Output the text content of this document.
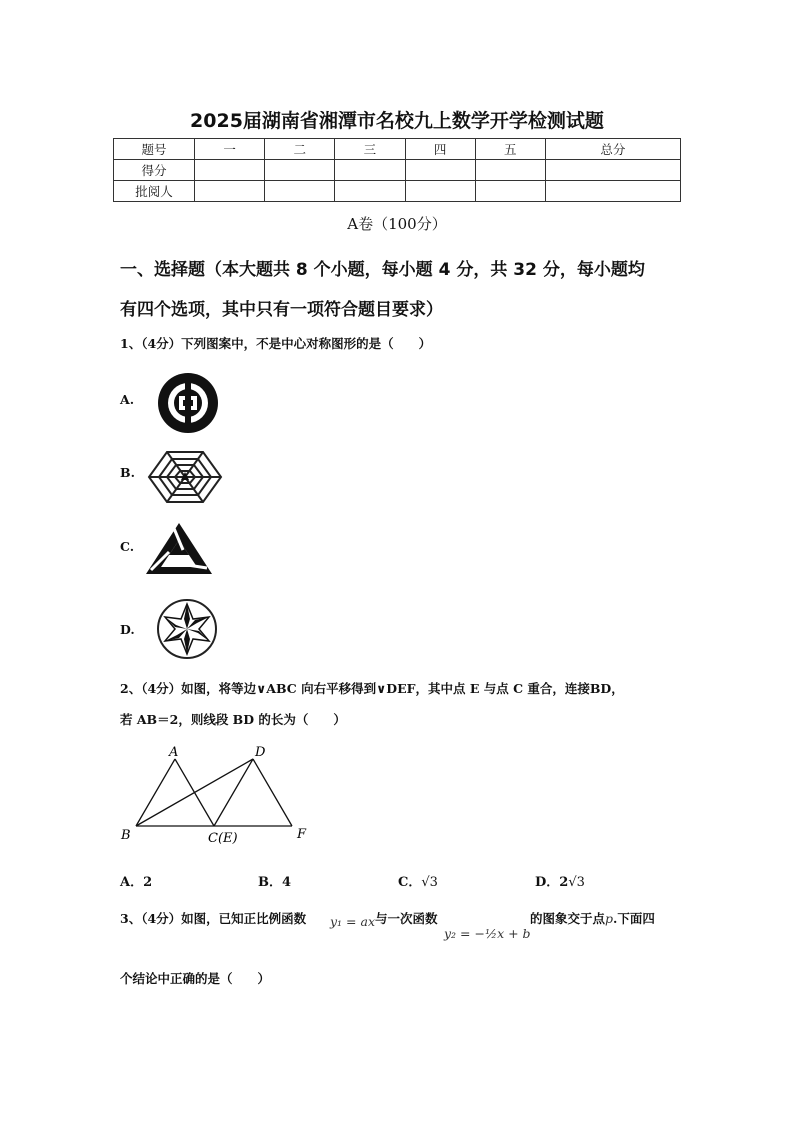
2025届湖南省湘潭市名校九上数学开学检测试题
题号	一	二	三	四	五	总分
得分						
批阅人						
A卷（100分）
一、选择题（本大题共 8 个小题，每小题 4 分，共 32 分，每小题均
有四个选项，其中只有一项符合题目要求）
1、（4分）下列图案中，不是中心对称图形的是（　　）
A.
B.
C.
D.
2、（4分）如图，将等边∨ABC 向右平移得到∨DEF，其中点 E 与点 C 重合，连接BD，
若 AB＝2，则线段 BD 的长为（　　）
A
B	C(E)
D
F
A．2	B．4	C．√3	D．2√3
3、（4分）如图，已知正比例函数 y₁ = ax 与一次函数
y₂ = −½x + b
的图象交于点p.下面四
个结论中正确的是（　　）
